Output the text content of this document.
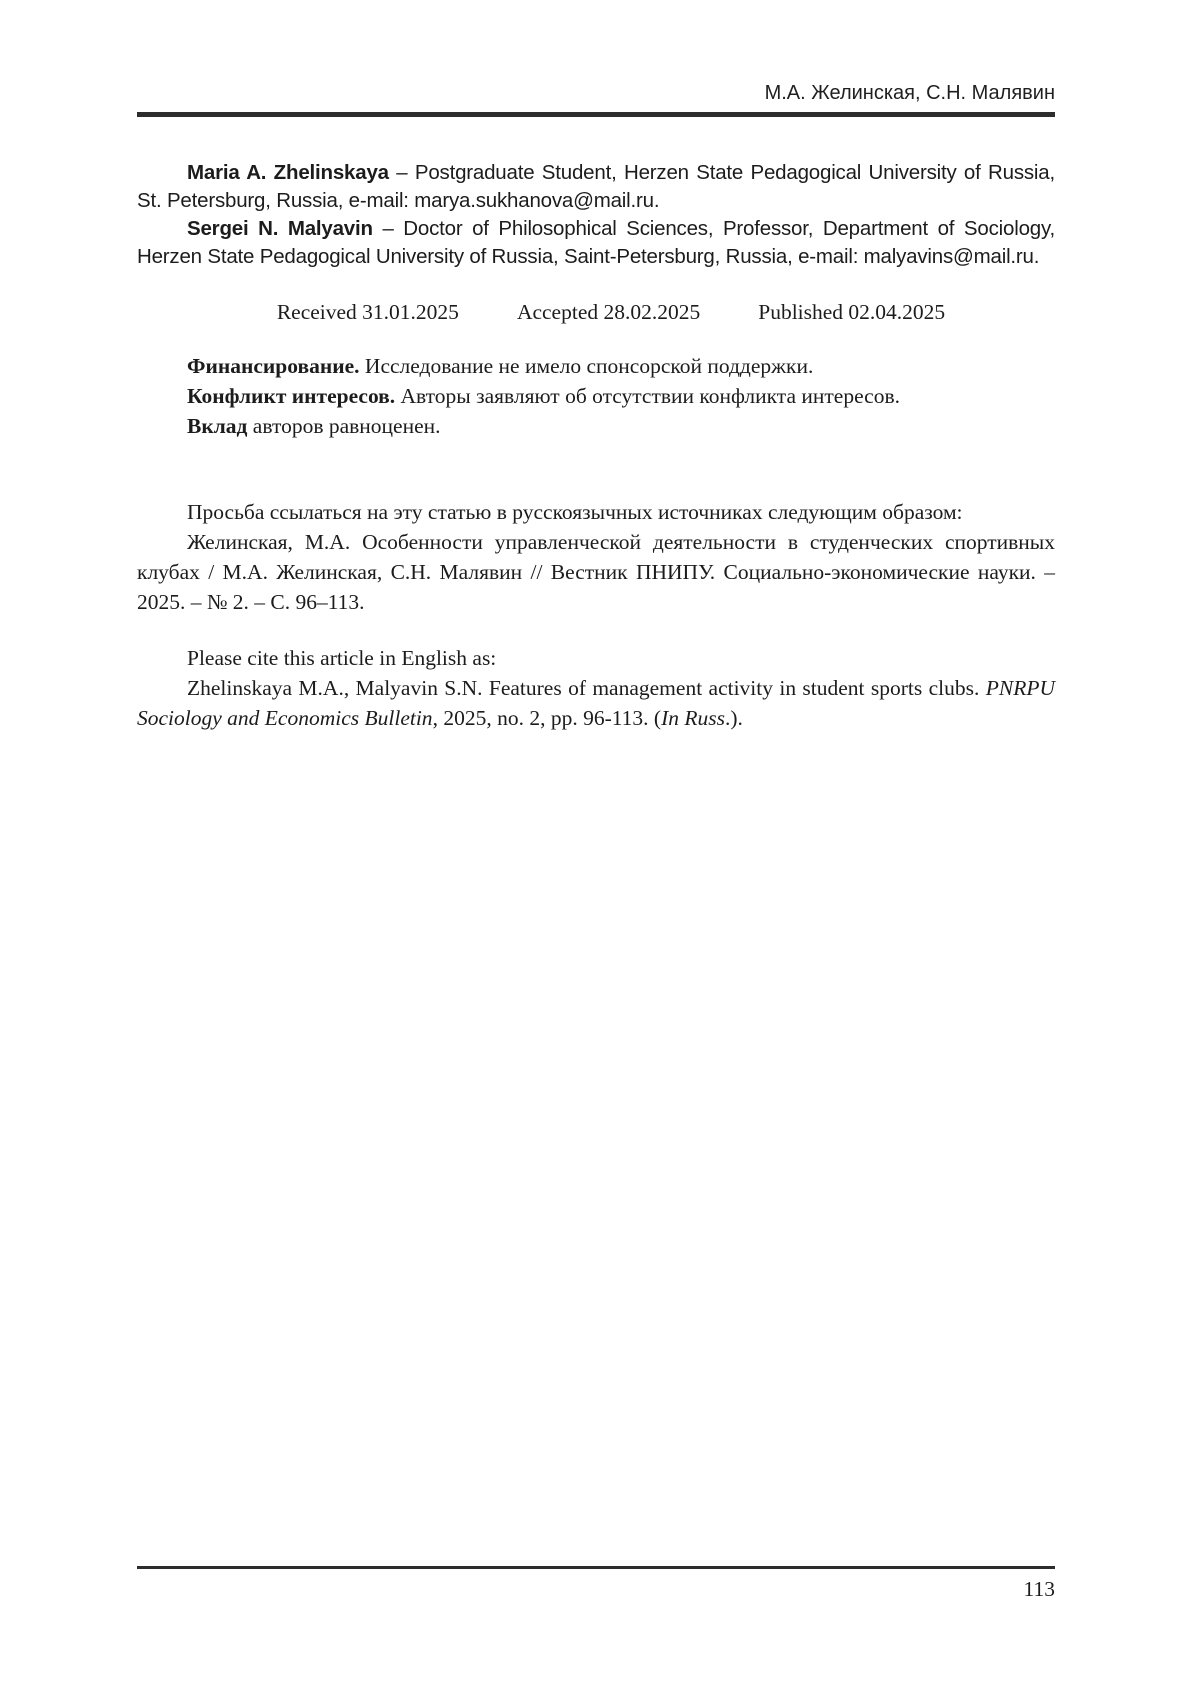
М.А. Желинская, С.Н. Малявин

Maria A. Zhelinskaya – Postgraduate Student, Herzen State Pedagogical University of Russia, St. Petersburg, Russia, e-mail: marya.sukhanova@mail.ru.

Sergei N. Malyavin – Doctor of Philosophical Sciences, Professor, Department of Sociology, Herzen State Pedagogical University of Russia, Saint-Petersburg, Russia, e-mail: malyavins@mail.ru.

Received 31.01.2025	Accepted 28.02.2025	Published 02.04.2025

Финансирование. Исследование не имело спонсорской поддержки.

Конфликт интересов. Авторы заявляют об отсутствии конфликта интересов.

Вклад авторов равноценен.

Просьба ссылаться на эту статью в русскоязычных источниках следующим образом:

Желинская, М.А. Особенности управленческой деятельности в студенческих спортивных клубах / М.А. Желинская, С.Н. Малявин // Вестник ПНИПУ. Социально-экономические науки. – 2025. – № 2. – С. 96–113.

Please cite this article in English as:

Zhelinskaya M.A., Malyavin S.N. Features of management activity in student sports clubs. PNRPU Sociology and Economics Bulletin, 2025, no. 2, pp. 96-113. (In Russ.).

113
